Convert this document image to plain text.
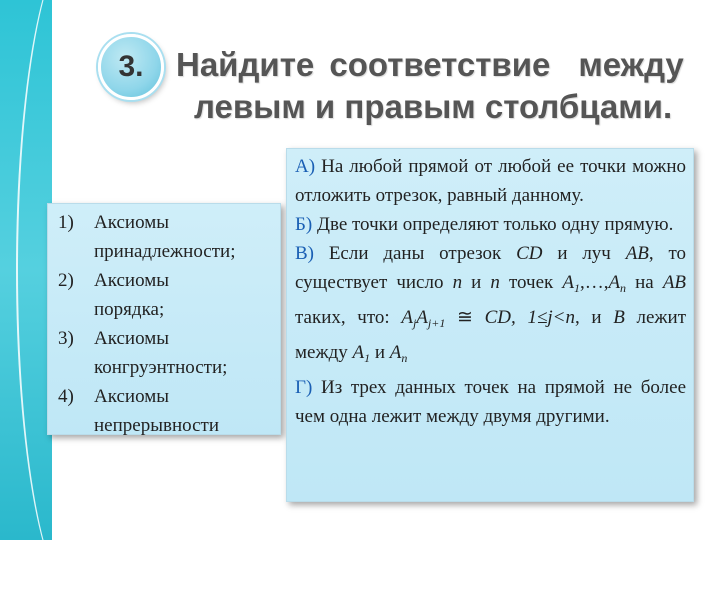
3. Найдите соответствие между
левым и правым столбцами.
1)	Аксиомы
принадлежности;
2)	Аксиомы
порядка;
3)	Аксиомы
конгруэнтности;
4)	Аксиомы
непрерывности
А) На любой прямой от любой ее точки можно отложить отрезок, равный данному.
Б) Две точки определяют только одну прямую.
В) Если даны отрезок CD и луч AB, то существует число n и n точек $A_1,\dots,A_n$ на AB таких, что: $A_jA_{j+1}$ ≅ CD, 1≤j<n, и B лежит между $A_1$ и $A_n$
Г) Из трех данных точек на прямой не более чем одна лежит между двумя другими.
